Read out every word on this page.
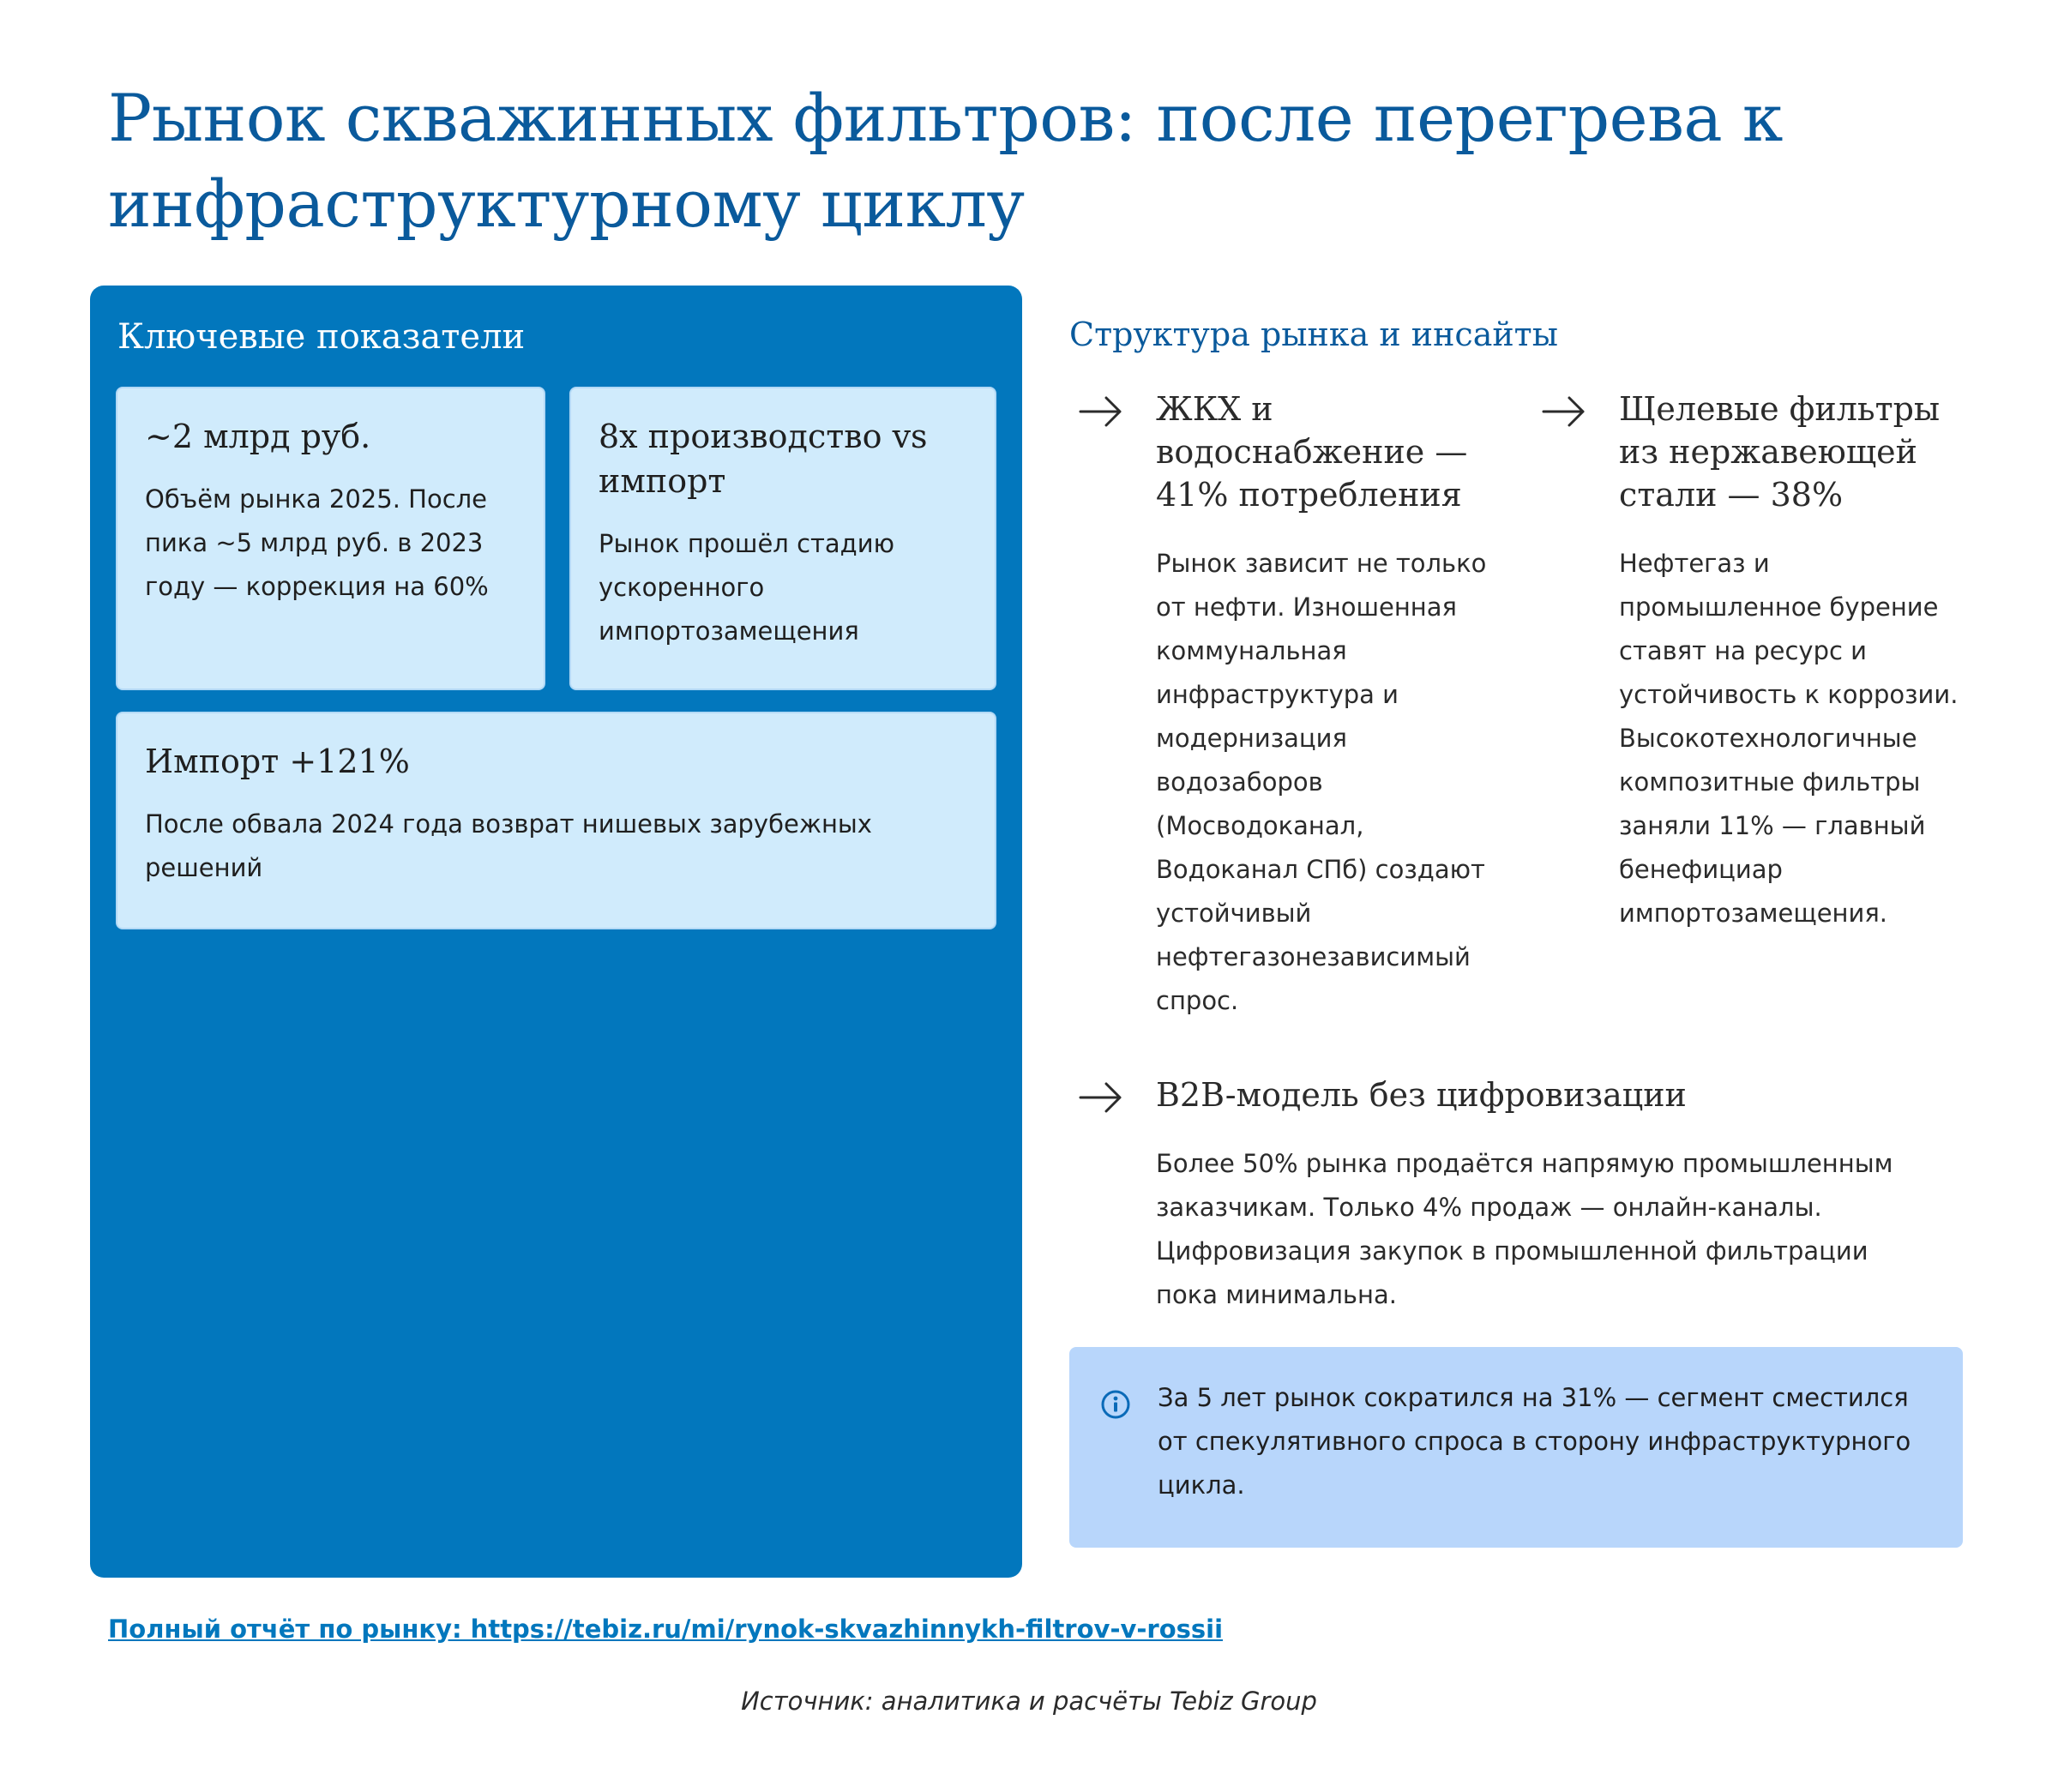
Рынок скважинных фильтров: после перегрева к инфраструктурному циклу
Ключевые показатели
~2 млрд руб.

Объём рынка 2025. После пика ~5 млрд руб. в 2023 году — коррекция на 60%

8x производство vs импорт

Рынок прошёл стадию ускоренного импортозамещения

Импорт +121%

После обвала 2024 года возврат нишевых зарубежных решений

Структура рынка и инсайты
ЖКХ и водоснабжение — 41% потребления

Рынок зависит не только от нефти. Изношенная коммунальная инфраструктура и модернизация водозаборов (Мосводоканал, Водоканал СПб) создают устойчивый нефтегазонезависимый спрос.

Щелевые фильтры из нержавеющей стали — 38%

Нефтегаз и промышленное бурение ставят на ресурс и устойчивость к коррозии. Высокотехнологичные композитные фильтры заняли 11% — главный бенефициар импортозамещения.

B2B-модель без цифровизации

Более 50% рынка продаётся напрямую промышленным заказчикам. Только 4% продаж — онлайн-каналы. Цифровизация закупок в промышленной фильтрации пока минимальна.

За 5 лет рынок сократился на 31% — сегмент сместился от спекулятивного спроса в сторону инфраструктурного цикла.

Полный отчёт по рынку: https://tebiz.ru/mi/rynok-skvazhinnykh-filtrov-v-rossii
Источник: аналитика и расчёты Tebiz Group
